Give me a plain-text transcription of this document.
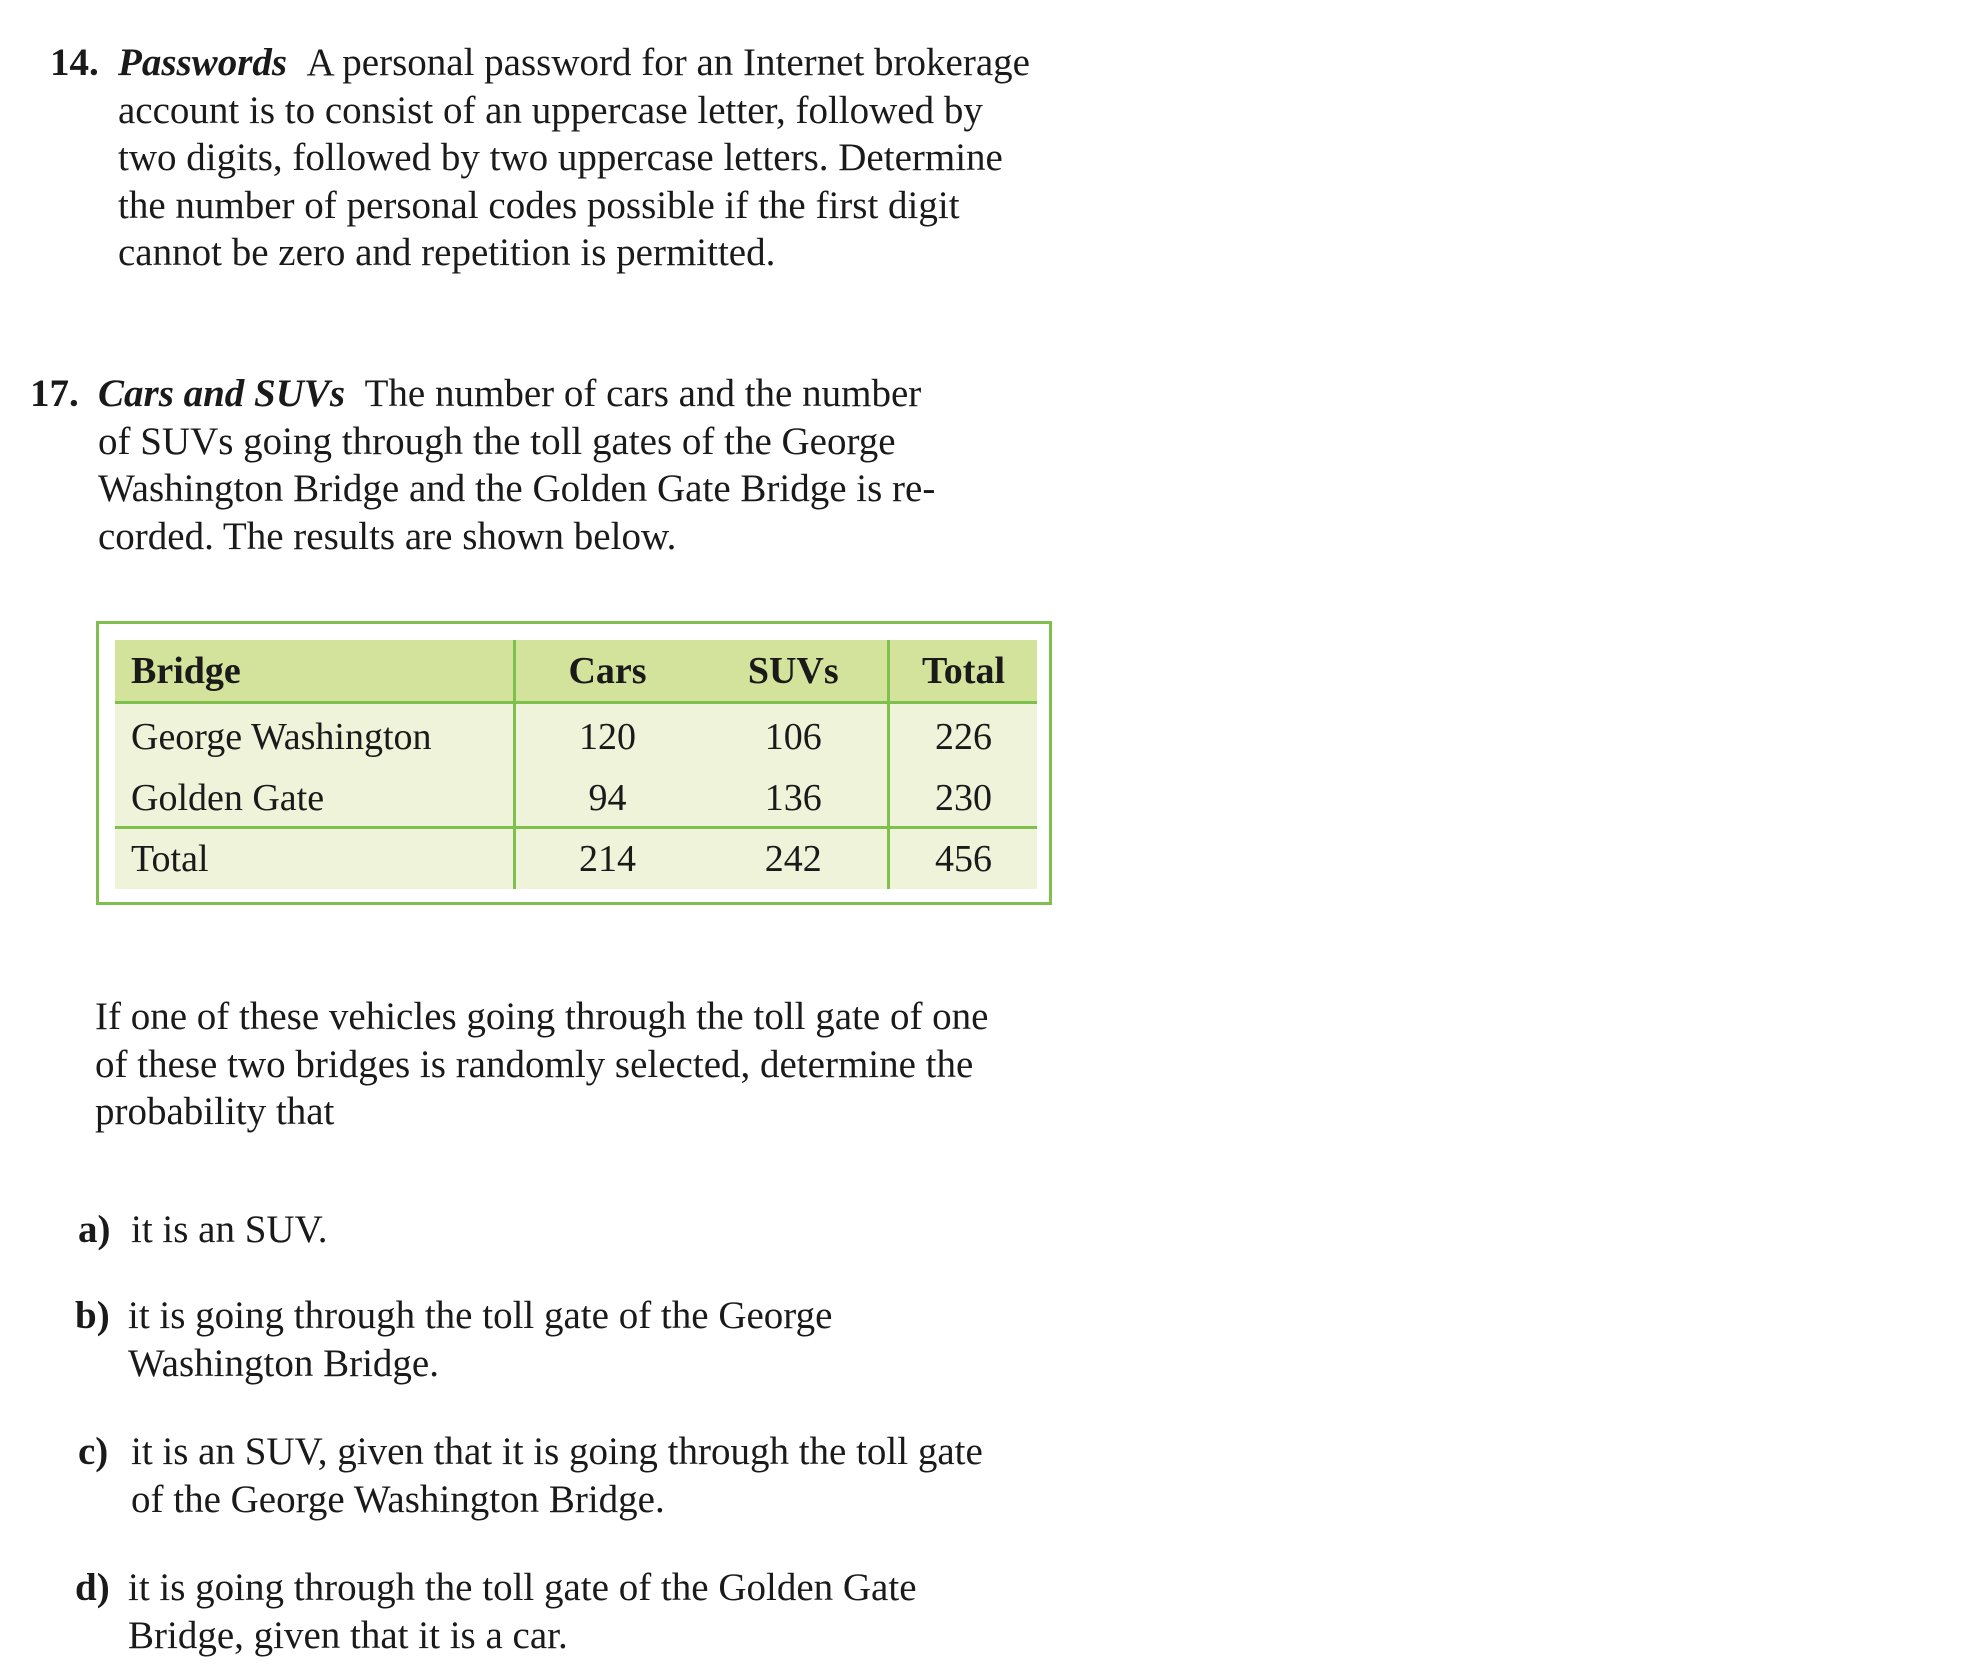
14. Passwords A personal password for an Internet brokerage
account is to consist of an uppercase letter, followed by
two digits, followed by two uppercase letters. Determine
the number of personal codes possible if the first digit
cannot be zero and repetition is permitted.
17. Cars and SUVs The number of cars and the number
of SUVs going through the toll gates of the George
Washington Bridge and the Golden Gate Bridge is re-
corded. The results are shown below.
Bridge	Cars	SUVs	Total
George Washington	120	106	226
Golden Gate	94	136	230
Total	214	242	456
If one of these vehicles going through the toll gate of one
of these two bridges is randomly selected, determine the
probability that
a) it is an SUV.
b) it is going through the toll gate of the George
Washington Bridge.
c) it is an SUV, given that it is going through the toll gate
of the George Washington Bridge.
d) it is going through the toll gate of the Golden Gate
Bridge, given that it is a car.
